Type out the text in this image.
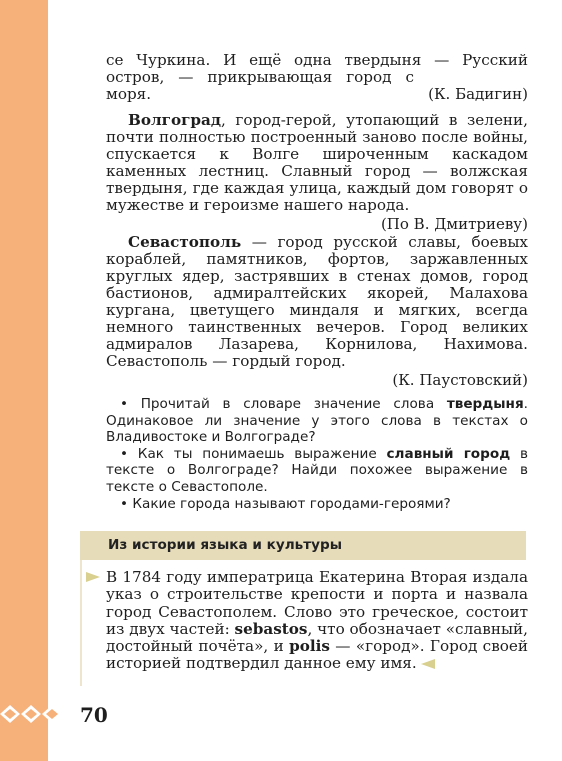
се Чуркина. И ещё одна твердыня — Русский

остров, — прикрывающая город с моря.	(К. Бадигин)

Волгоград, город-герой, утопающий в зелени, почти полностью построенный заново после войны, спускается к Волге широченным каскадом каменных лестниц. Славный город — волжская твердыня, где каждая улица, каждый дом говорят о мужестве и героизме нашего народа.

(По В. Дмитриеву)

Севастополь — город русской славы, боевых кораблей, памятников, фортов, заржавленных круглых ядер, застрявших в стенах домов, город бастионов, адмиралтейских якорей, Малахова кургана, цветущего миндаля и мягких, всегда немного таинственных вечеров. Город великих адмиралов Лазарева, Корнилова, Нахимова. Севастополь — гордый город.

(К. Паустовский)

• Прочитай в словаре значение слова твердыня. Одинаковое ли значение у этого слова в текстах о Владивостоке и Волгограде?

• Как ты понимаешь выражение славный город в тексте о Волгограде? Найди похожее выражение в тексте о Севастополе.

• Какие города называют городами-героями?

Из истории языка и культуры
В 1784 году императрица Екатерина Вторая издала указ о строительстве крепости и порта и назвала город Севастополем. Слово это греческое, состоит из двух частей: sebastos, что обозначает «славный, достойный почёта», и polis — «город». Город своей историей подтвердил данное ему имя.
70
